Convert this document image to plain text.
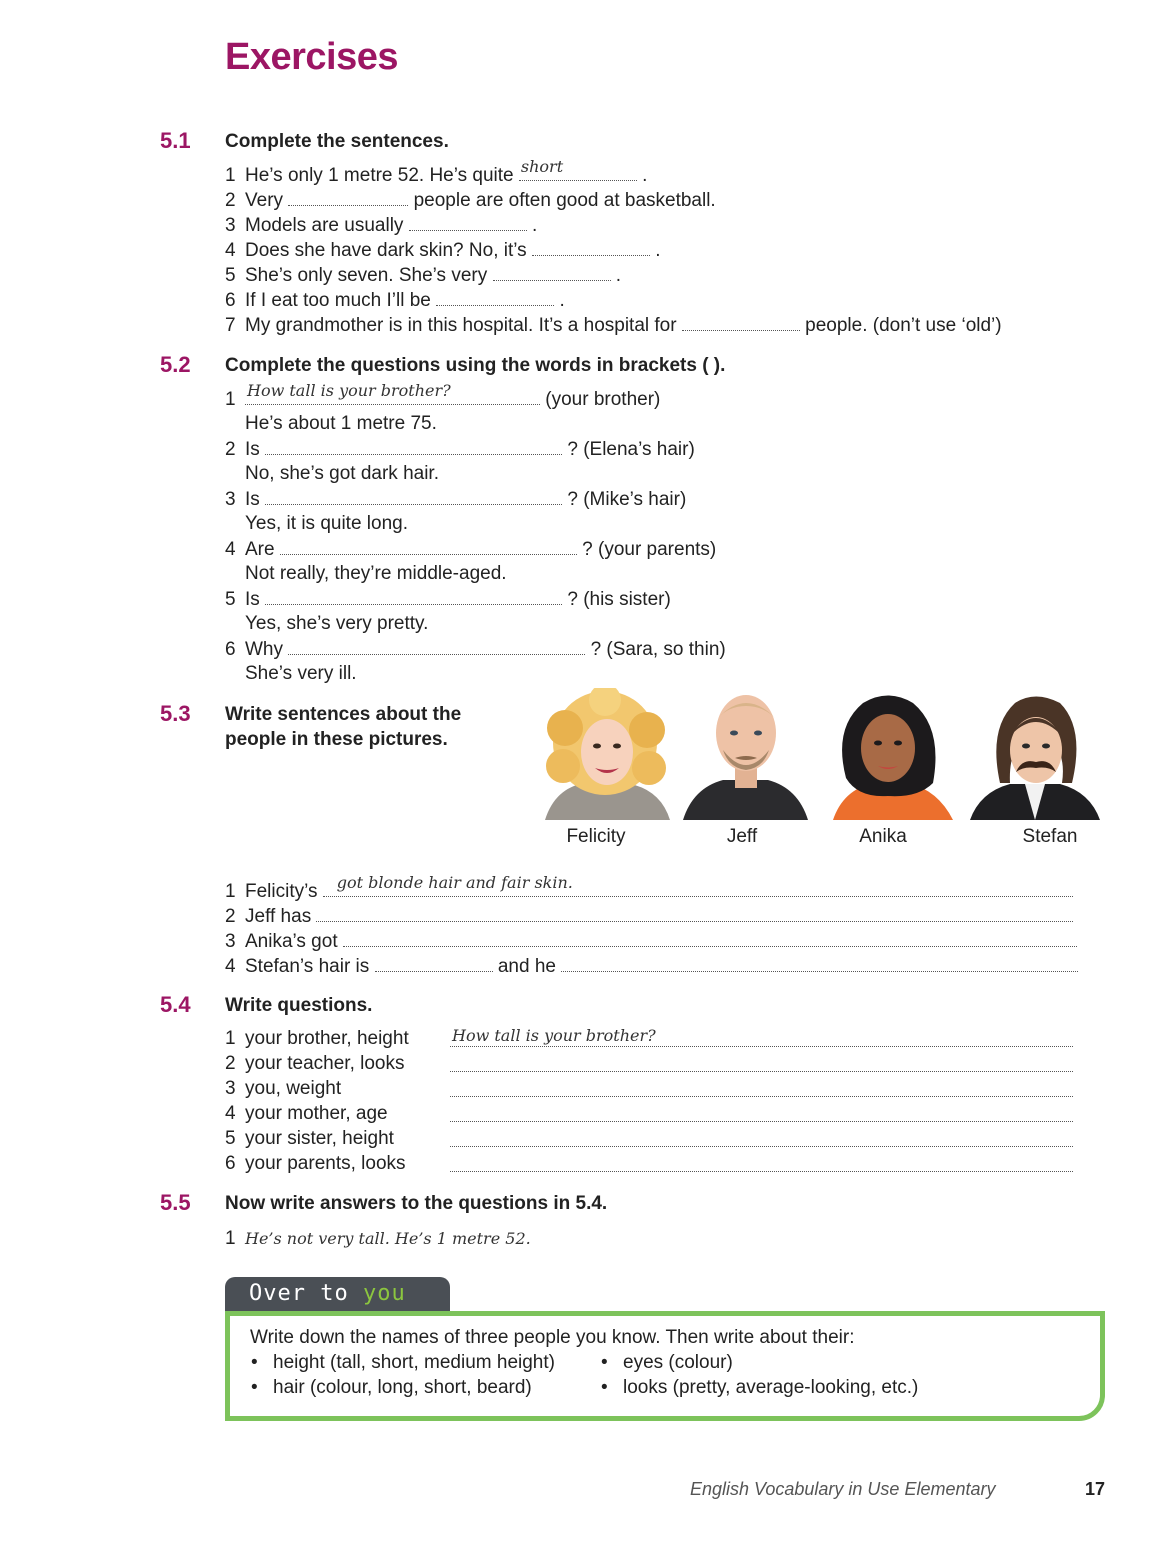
Exercises
5.1 Complete the sentences.
1 He’s only 1 metre 52. He’s quite short	.
2 Very	people are often good at basketball.
3 Models are usually	.
4 Does she have dark skin? No, it’s	.
5 She’s only seven. She’s very	.
6 If I eat too much I’ll be	.
7 My grandmother is in this hospital. It’s a hospital for	people. (don’t use ‘old’)
5.2 Complete the questions using the words in brackets ( ).
1 How tall is your brother?	(your brother)
He’s about 1 metre 75.
2 Is	? (Elena’s hair)
No, she’s got dark hair.
3 Is	? (Mike’s hair)
Yes, it is quite long.
4 Are	? (your parents)
Not really, they’re middle-aged.
5 Is	? (his sister)
Yes, she’s very pretty.
6 Why	? (Sara, so thin)
She’s very ill.
5.3 Write sentences about the
people in these pictures.
Felicity	Jeff	Anika	Stefan
1 Felicity’s got blonde hair and fair skin.
2 Jeff has
3 Anika’s got
4 Stefan’s hair is	and he
5.4 Write questions.
1 your brother, height	How tall is your brother?
2 your teacher, looks
3 you, weight
4 your mother, age
5 your sister, height
6 your parents, looks
5.5 Now write answers to the questions in 5.4.
1 He’s not very tall. He’s 1 metre 52.
Over to you
Write down the names of three people you know. Then write about their:
• height (tall, short, medium height)
• hair (colour, long, short, beard)
• eyes (colour)
• looks (pretty, average-looking, etc.)
English Vocabulary in Use Elementary	17
